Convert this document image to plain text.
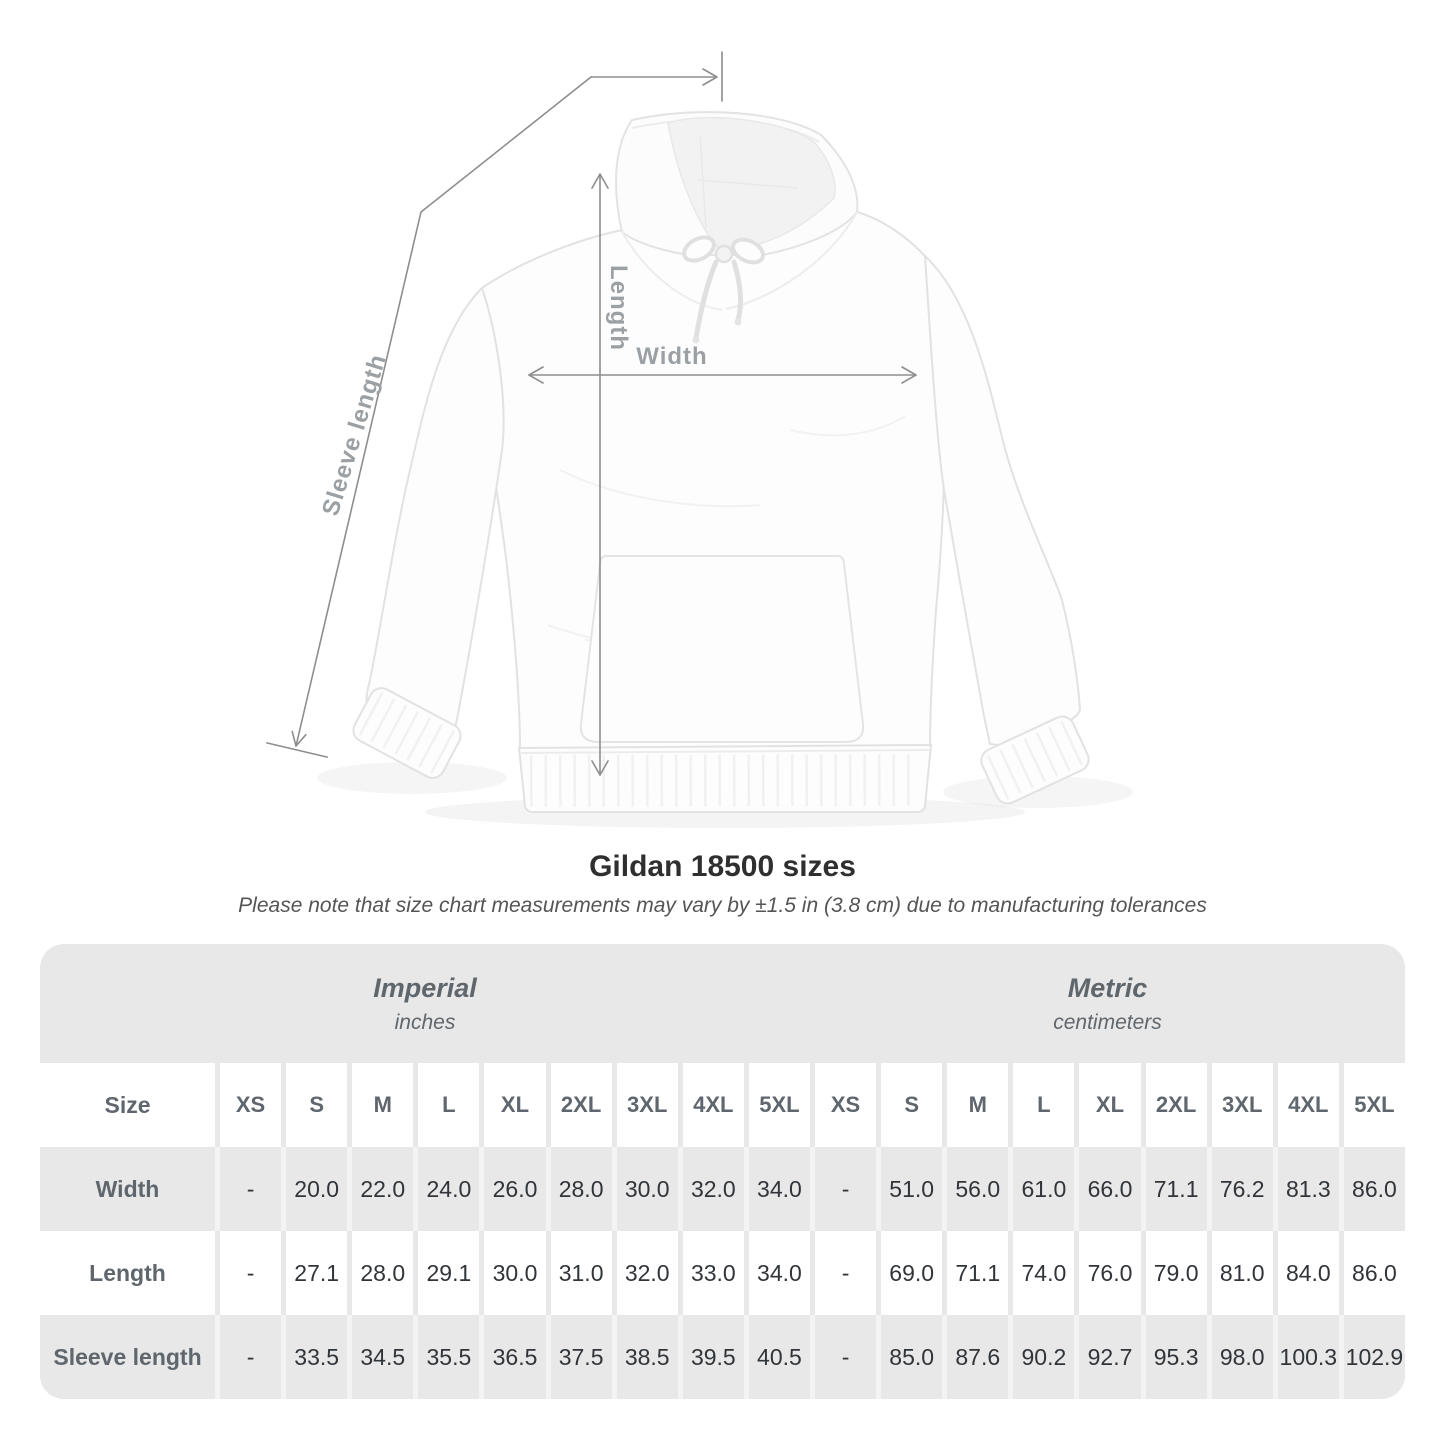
Sleeve length
Length
Width
Gildan 18500 sizes
Please note that size chart measurements may vary by ±1.5 in (3.8 cm) due to manufacturing tolerances
Imperial
inches
Metric
centimeters
Size	XS	S	M	L	XL	2XL	3XL	4XL	5XL	XS	S	M	L	XL	2XL	3XL	4XL	5XL
Width	-	20.0 22.0 24.0 26.0 28.0 30.0 32.0 34.0	-	51.0 56.0 61.0 66.0 71.1 76.2 81.3 86.0
Length	-	27.1 28.0 29.1 30.0 31.0 32.0 33.0 34.0	-	69.0 71.1 74.0 76.0 79.0 81.0 84.0 86.0
Sleeve length	-	33.5 34.5 35.5 36.5 37.5 38.5 39.5 40.5	-	85.0 87.6 90.2 92.7 95.3 98.0 100.3 102.9
